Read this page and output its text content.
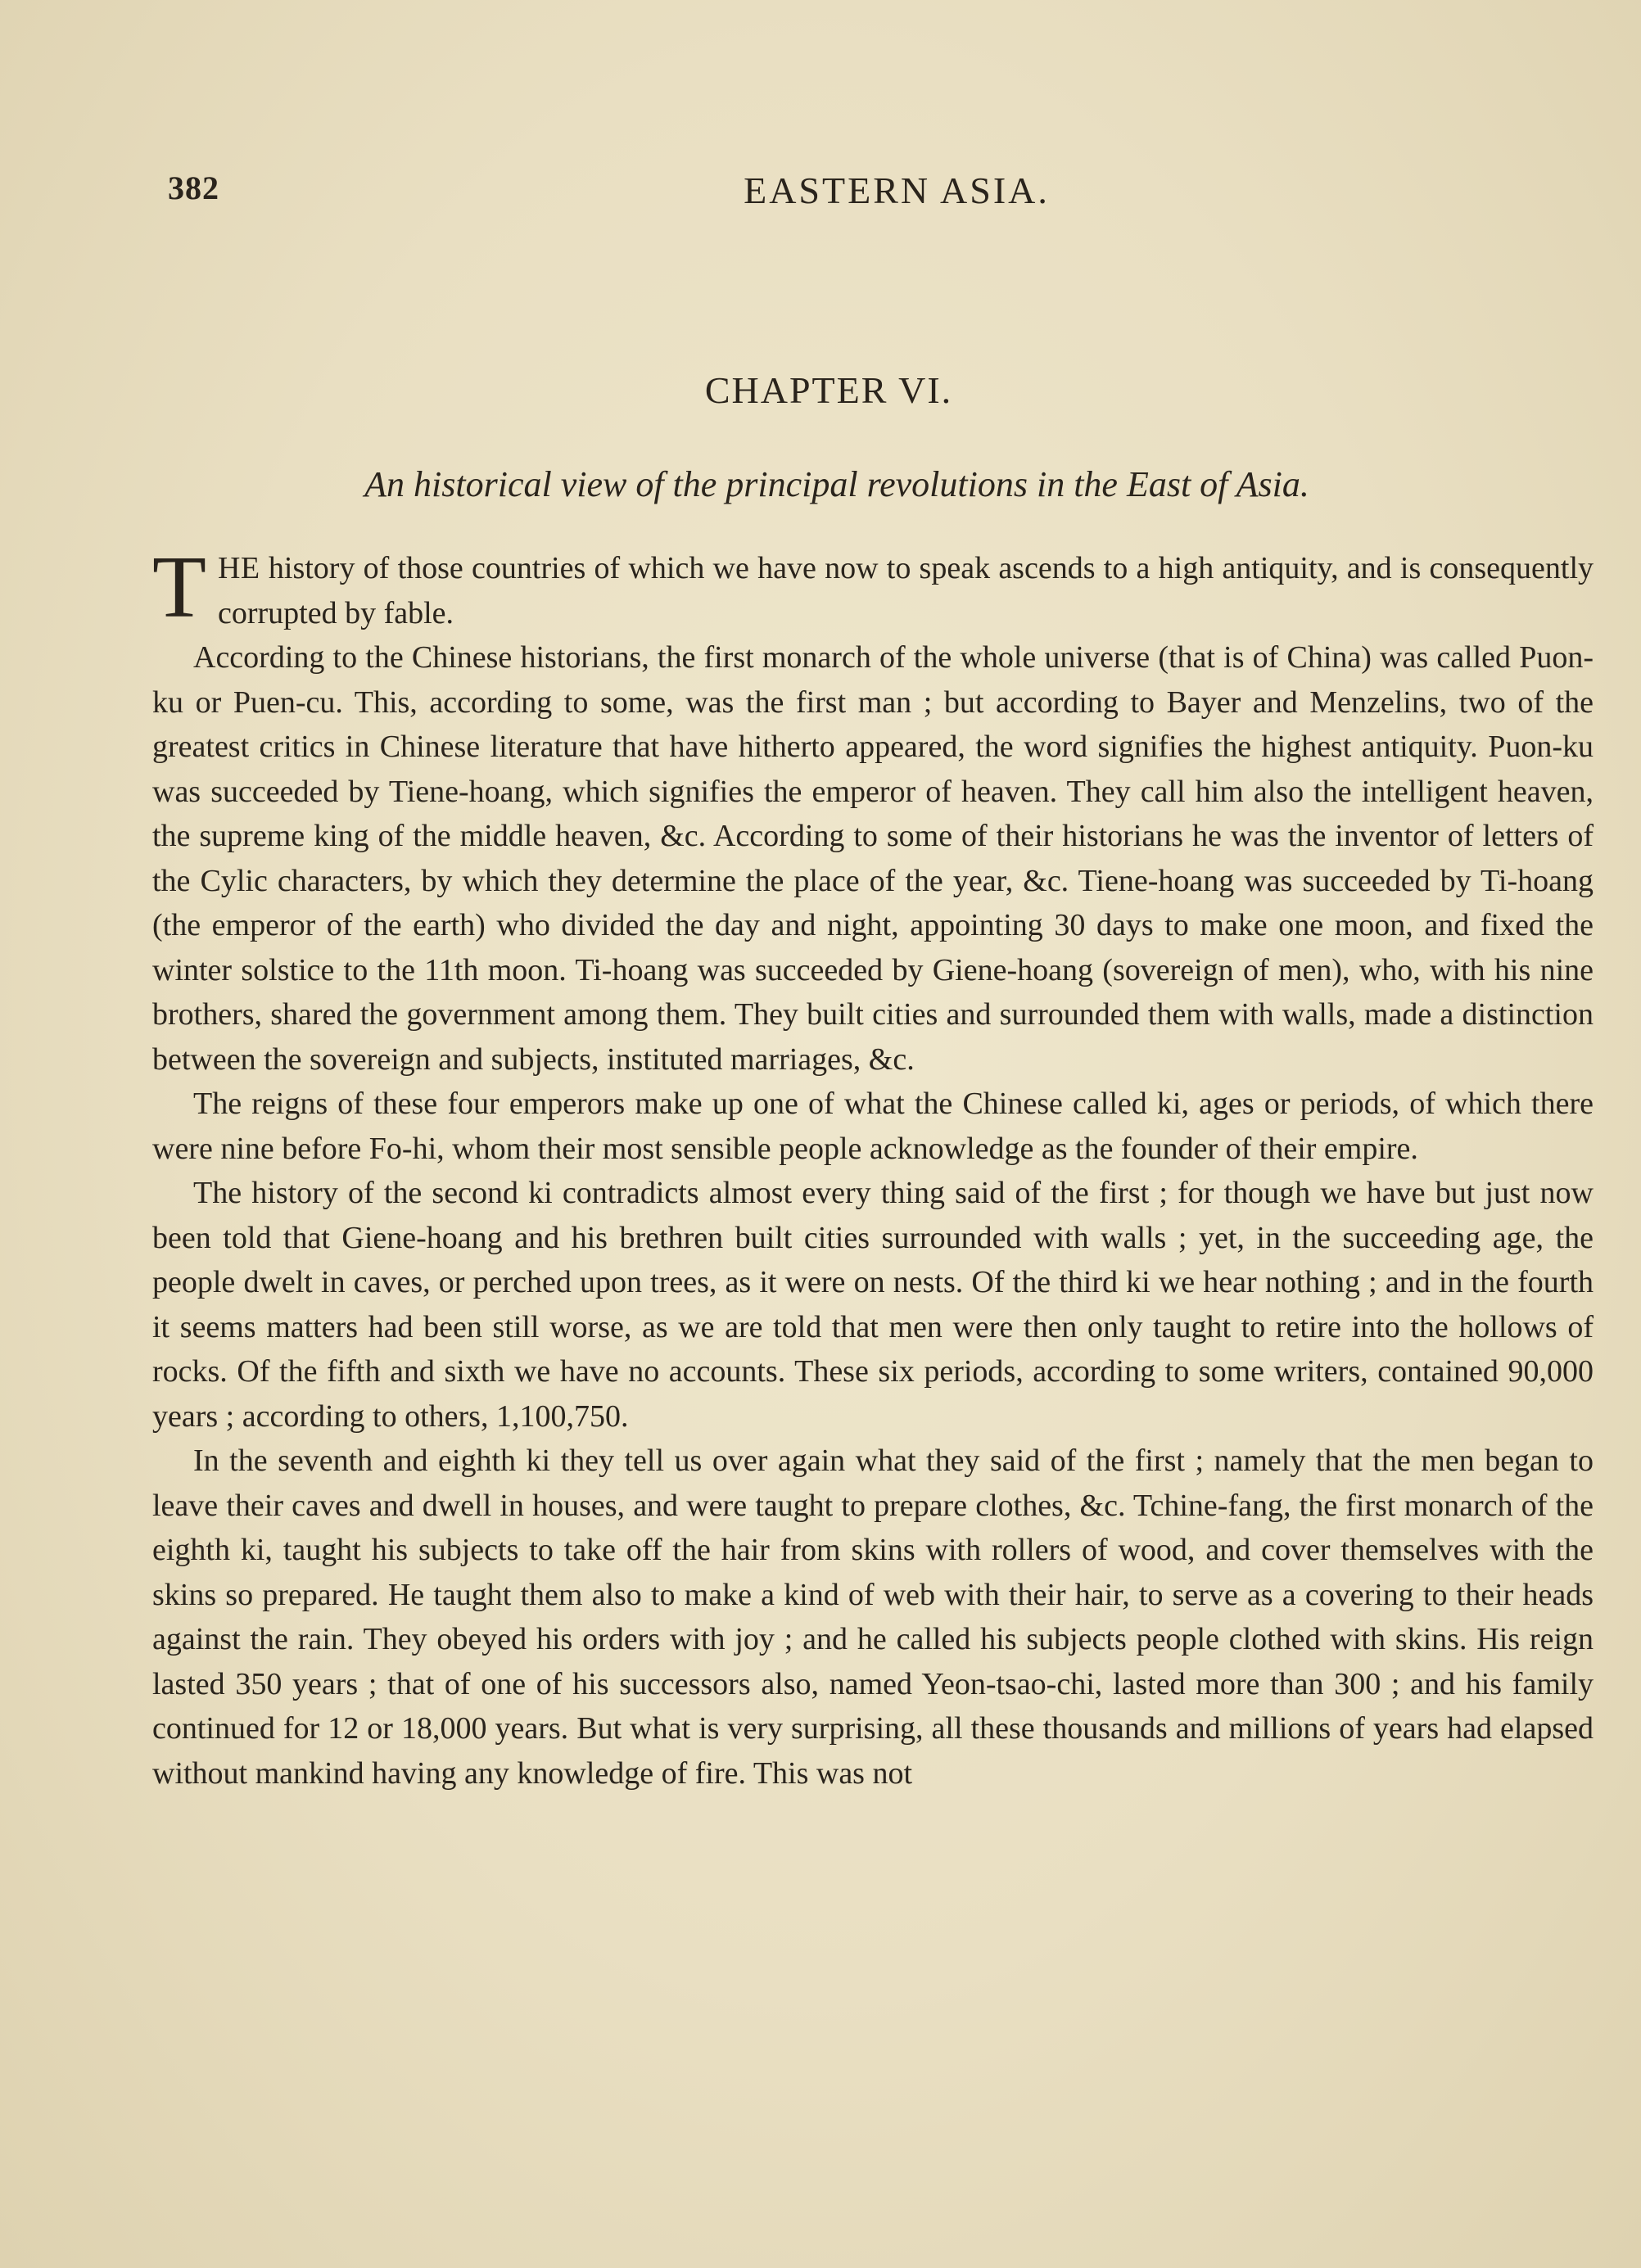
382	EASTERN ASIA.
CHAPTER VI.
An historical view of the principal revolutions in the East of Asia.

THE history of those countries of which we have now to speak ascends to a high antiquity, and is consequently corrupted by fable.

According to the Chinese historians, the first monarch of the whole universe (that is of China) was called Puon-ku or Puen-cu. This, according to some, was the first man ; but according to Bayer and Menzelins, two of the greatest critics in Chinese literature that have hitherto appeared, the word signifies the highest antiquity. Puon-ku was succeeded by Tiene-hoang, which signifies the emperor of heaven. They call him also the intelligent heaven, the supreme king of the middle heaven, &c. According to some of their historians he was the inventor of letters of the Cylic characters, by which they determine the place of the year, &c. Tiene-hoang was succeeded by Ti-hoang (the emperor of the earth) who divided the day and night, appointing 30 days to make one moon, and fixed the winter solstice to the 11th moon. Ti-hoang was succeeded by Giene-hoang (sovereign of men), who, with his nine brothers, shared the government among them. They built cities and surrounded them with walls, made a distinction between the sovereign and subjects, instituted marriages, &c.

The reigns of these four emperors make up one of what the Chinese called ki, ages or periods, of which there were nine before Fo-hi, whom their most sensible people acknowledge as the founder of their empire.

The history of the second ki contradicts almost every thing said of the first ; for though we have but just now been told that Giene-hoang and his brethren built cities surrounded with walls ; yet, in the succeeding age, the people dwelt in caves, or perched upon trees, as it were on nests. Of the third ki we hear nothing ; and in the fourth it seems matters had been still worse, as we are told that men were then only taught to retire into the hollows of rocks. Of the fifth and sixth we have no accounts. These six periods, according to some writers, contained 90,000 years ; according to others, 1,100,750.

In the seventh and eighth ki they tell us over again what they said of the first ; namely that the men began to leave their caves and dwell in houses, and were taught to prepare clothes, &c. Tchine-fang, the first monarch of the eighth ki, taught his subjects to take off the hair from skins with rollers of wood, and cover themselves with the skins so prepared. He taught them also to make a kind of web with their hair, to serve as a covering to their heads against the rain. They obeyed his orders with joy ; and he called his subjects people clothed with skins. His reign lasted 350 years ; that of one of his successors also, named Yeon-tsao-chi, lasted more than 300 ; and his family continued for 12 or 18,000 years. But what is very surprising, all these thousands and millions of years had elapsed without mankind having any knowledge of fire. This was not
